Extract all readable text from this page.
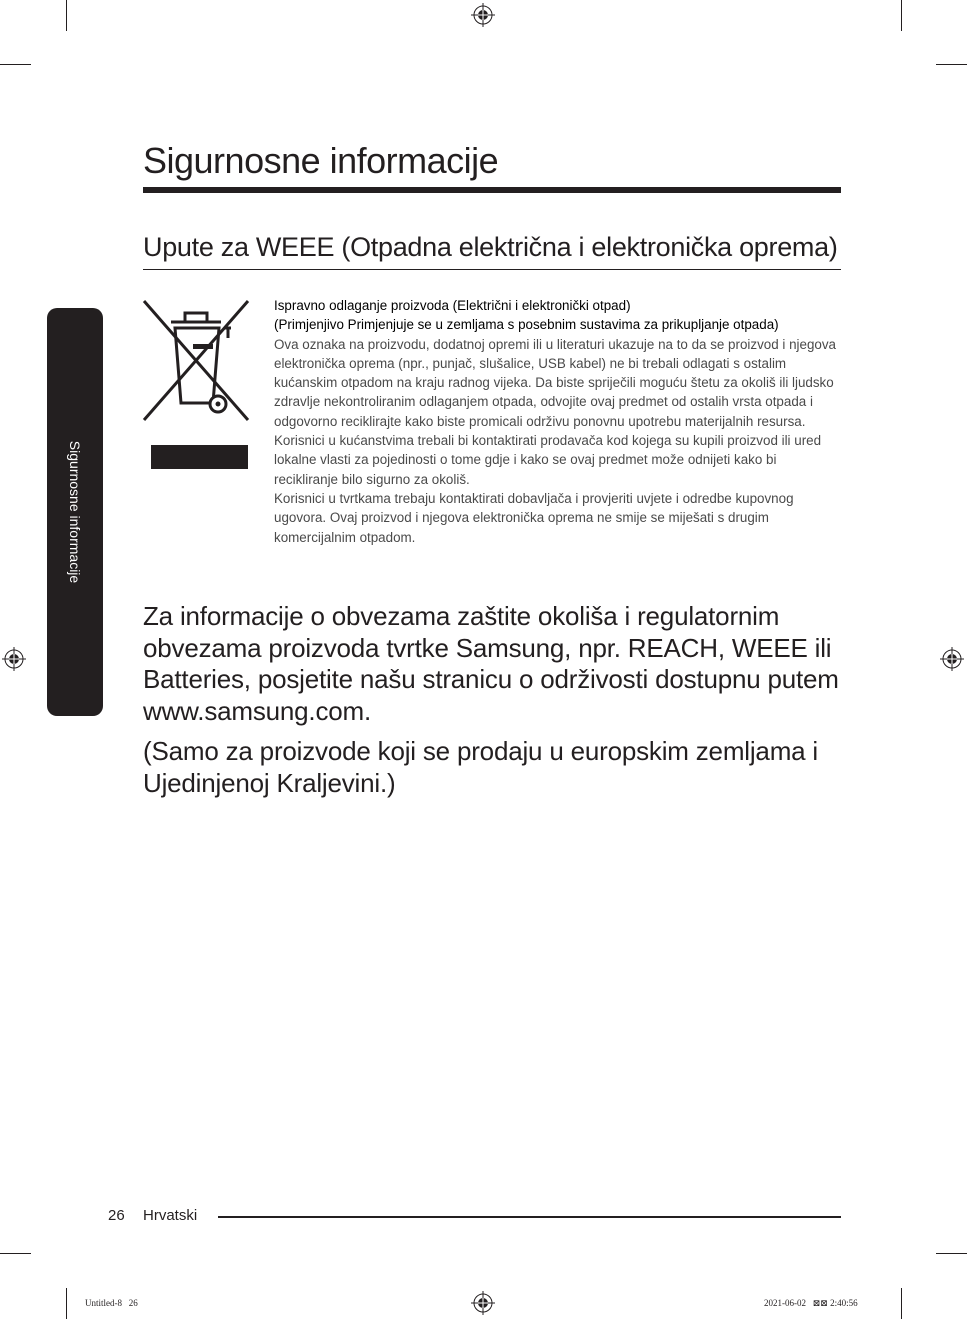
Sigurnosne informacije
Sigurnosne informacije
Upute za WEEE (Otpadna električna i elektronička oprema)

Ispravno odlaganje proizvoda (Električni i elektronički otpad)

(Primjenjivo Primjenjuje se u zemljama s posebnim sustavima za prikupljanje otpada)

Ova oznaka na proizvodu, dodatnoj opremi ili u literaturi ukazuje na to da se proizvod i njegova elektronička oprema (npr., punjač, slušalice, USB kabel) ne bi trebali odlagati s ostalim kućanskim otpadom na kraju radnog vijeka. Da biste spriječili moguću štetu za okoliš ili ljudsko zdravlje nekontroliranim odlaganjem otpada, odvojite ovaj predmet od ostalih vrsta otpada i odgovorno reciklirajte kako biste promicali održivu ponovnu upotrebu materijalnih resursa.

Korisnici u kućanstvima trebali bi kontaktirati prodavača kod kojega su kupili proizvod ili ured lokalne vlasti za pojedinosti o tome gdje i kako se ovaj predmet može odnijeti kako bi recikliranje bilo sigurno za okoliš.

Korisnici u tvrtkama trebaju kontaktirati dobavljača i provjeriti uvjete i odredbe kupovnog ugovora. Ovaj proizvod i njegova elektronička oprema ne smije se miješati s drugim komercijalnim otpadom.

Za informacije o obvezama zaštite okoliša i regulatornim obvezama proizvoda tvrtke Samsung, npr. REACH, WEEE ili Batteries, posjetite našu stranicu o održivosti dostupnu putem www.samsung.com.

(Samo za proizvode koji se prodaju u europskim zemljama i Ujedinjenoj Kraljevini.)

26 Hrvatski
Untitled-8   26	2021-06-02   ⊠⊠ 2:40:56
